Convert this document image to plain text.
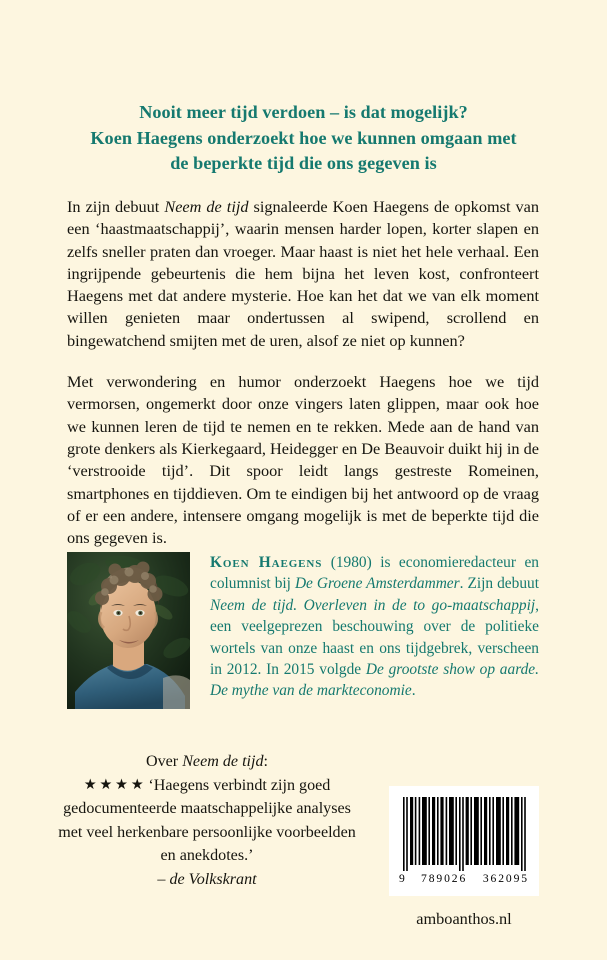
Nooit meer tijd verdoen – is dat mogelijk?
Koen Haegens onderzoekt hoe we kunnen omgaan met
de beperkte tijd die ons gegeven is

In zijn debuut Neem de tijd signaleerde Koen Haegens de opkomst van een ‘haastmaatschappij’, waarin mensen harder lopen, korter slapen en zelfs sneller praten dan vroeger. Maar haast is niet het hele verhaal. Een ingrijpende gebeurtenis die hem bijna het leven kost, confronteert Haegens met dat andere mysterie. Hoe kan het dat we van elk moment willen genieten maar ondertussen al swipend, scrollend en bingewatchend smijten met de uren, alsof ze niet op kunnen?

Met verwondering en humor onderzoekt Haegens hoe we tijd vermorsen, ongemerkt door onze vingers laten glippen, maar ook hoe we kunnen leren de tijd te nemen en te rekken. Mede aan de hand van grote denkers als Kierkegaard, Heidegger en De Beauvoir duikt hij in de ‘verstrooide tijd’. Dit spoor leidt langs gestreste Romeinen, smartphones en tijddieven. Om te eindigen bij het antwoord op de vraag of er een andere, intensere omgang mogelijk is met de beperkte tijd die ons gegeven is.

Koen Haegens (1980) is economieredacteur en columnist bij De Groene Amsterdammer. Zijn debuut Neem de tijd. Overleven in de to go-maatschappij, een veelgeprezen beschouwing over de politieke wortels van onze haast en ons tijdgebrek, verscheen in 2012. In 2015 volgde De grootste show op aarde. De mythe van de markteconomie.
Over Neem de tijd:
★★★★ ‘Haegens verbindt zijn goed gedocumenteerde maatschappelijke analyses met veel herkenbare persoonlijke voorbeelden en anekdotes.’
– de Volkskrant	9 789026 362095
amboanthos.nl
